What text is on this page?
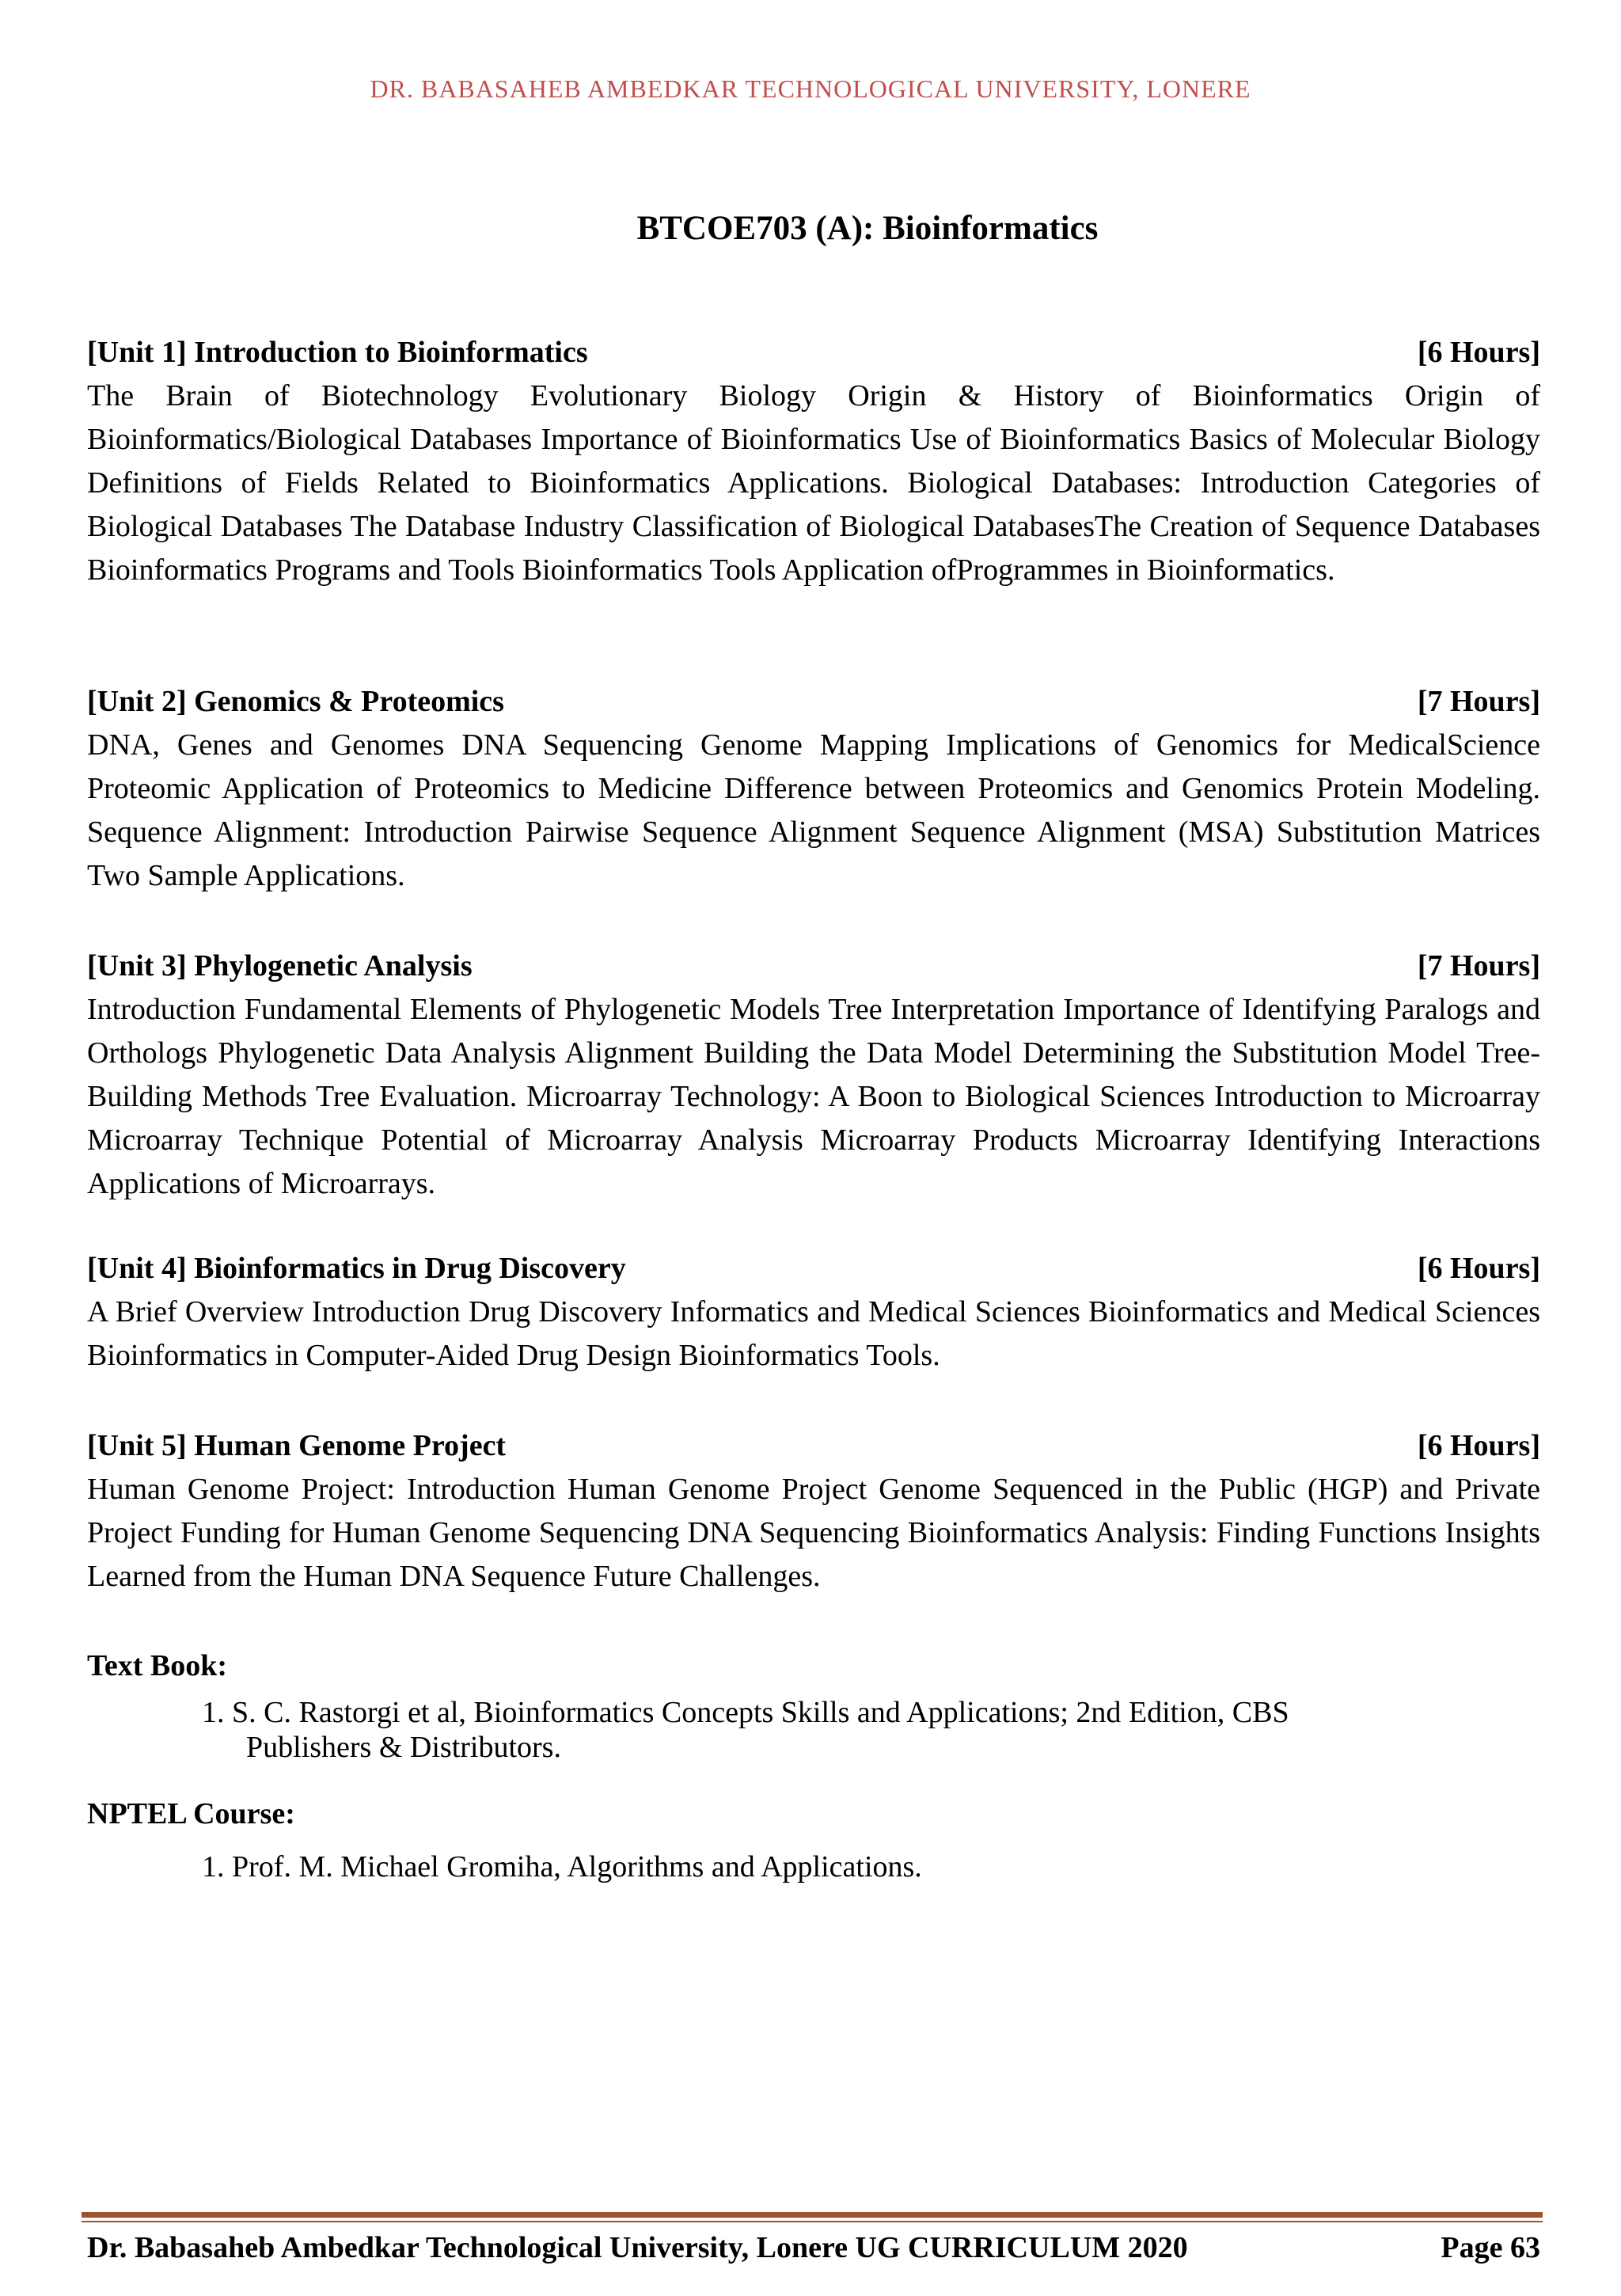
DR. BABASAHEB AMBEDKAR TECHNOLOGICAL UNIVERSITY, LONERE
BTCOE703 (A): Bioinformatics
[Unit 1] Introduction to Bioinformatics	[6 Hours]
The Brain of Biotechnology Evolutionary Biology Origin & History of Bioinformatics Origin of Bioinformatics/Biological Databases Importance of Bioinformatics Use of Bioinformatics Basics of Molecular Biology Definitions of Fields Related to Bioinformatics Applications. Biological Databases: Introduction Categories of Biological Databases The Database Industry Classification of Biological DatabasesThe Creation of Sequence Databases Bioinformatics Programs and Tools Bioinformatics Tools Application ofProgrammes in Bioinformatics.
[Unit 2] Genomics & Proteomics	[7 Hours]
DNA, Genes and Genomes DNA Sequencing Genome Mapping Implications of Genomics for MedicalScience Proteomic Application of Proteomics to Medicine Difference between Proteomics and Genomics Protein Modeling. Sequence Alignment: Introduction Pairwise Sequence Alignment Sequence Alignment (MSA) Substitution Matrices Two Sample Applications.
[Unit 3] Phylogenetic Analysis	[7 Hours]
Introduction Fundamental Elements of Phylogenetic Models Tree Interpretation Importance of Identifying Paralogs and Orthologs Phylogenetic Data Analysis Alignment Building the Data Model Determining the Substitution Model Tree-Building Methods Tree Evaluation. Microarray Technology: A Boon to Biological Sciences Introduction to Microarray Microarray Technique Potential of Microarray Analysis Microarray Products Microarray Identifying Interactions Applications of Microarrays.
[Unit 4] Bioinformatics in Drug Discovery	[6 Hours]
A Brief Overview Introduction Drug Discovery Informatics and Medical Sciences Bioinformatics and Medical Sciences Bioinformatics in Computer-Aided Drug Design Bioinformatics Tools.
[Unit 5] Human Genome Project	[6 Hours]
Human Genome Project: Introduction Human Genome Project Genome Sequenced in the Public (HGP) and Private Project Funding for Human Genome Sequencing DNA Sequencing Bioinformatics Analysis: Finding Functions Insights Learned from the Human DNA Sequence Future Challenges.
Text Book:
1. S. C. Rastorgi et al, Bioinformatics Concepts Skills and Applications; 2nd Edition, CBS
Publishers & Distributors.
NPTEL Course:
1. Prof. M. Michael Gromiha, Algorithms and Applications.
Dr. Babasaheb Ambedkar Technological University, Lonere UG CURRICULUM 2020	Page 63
